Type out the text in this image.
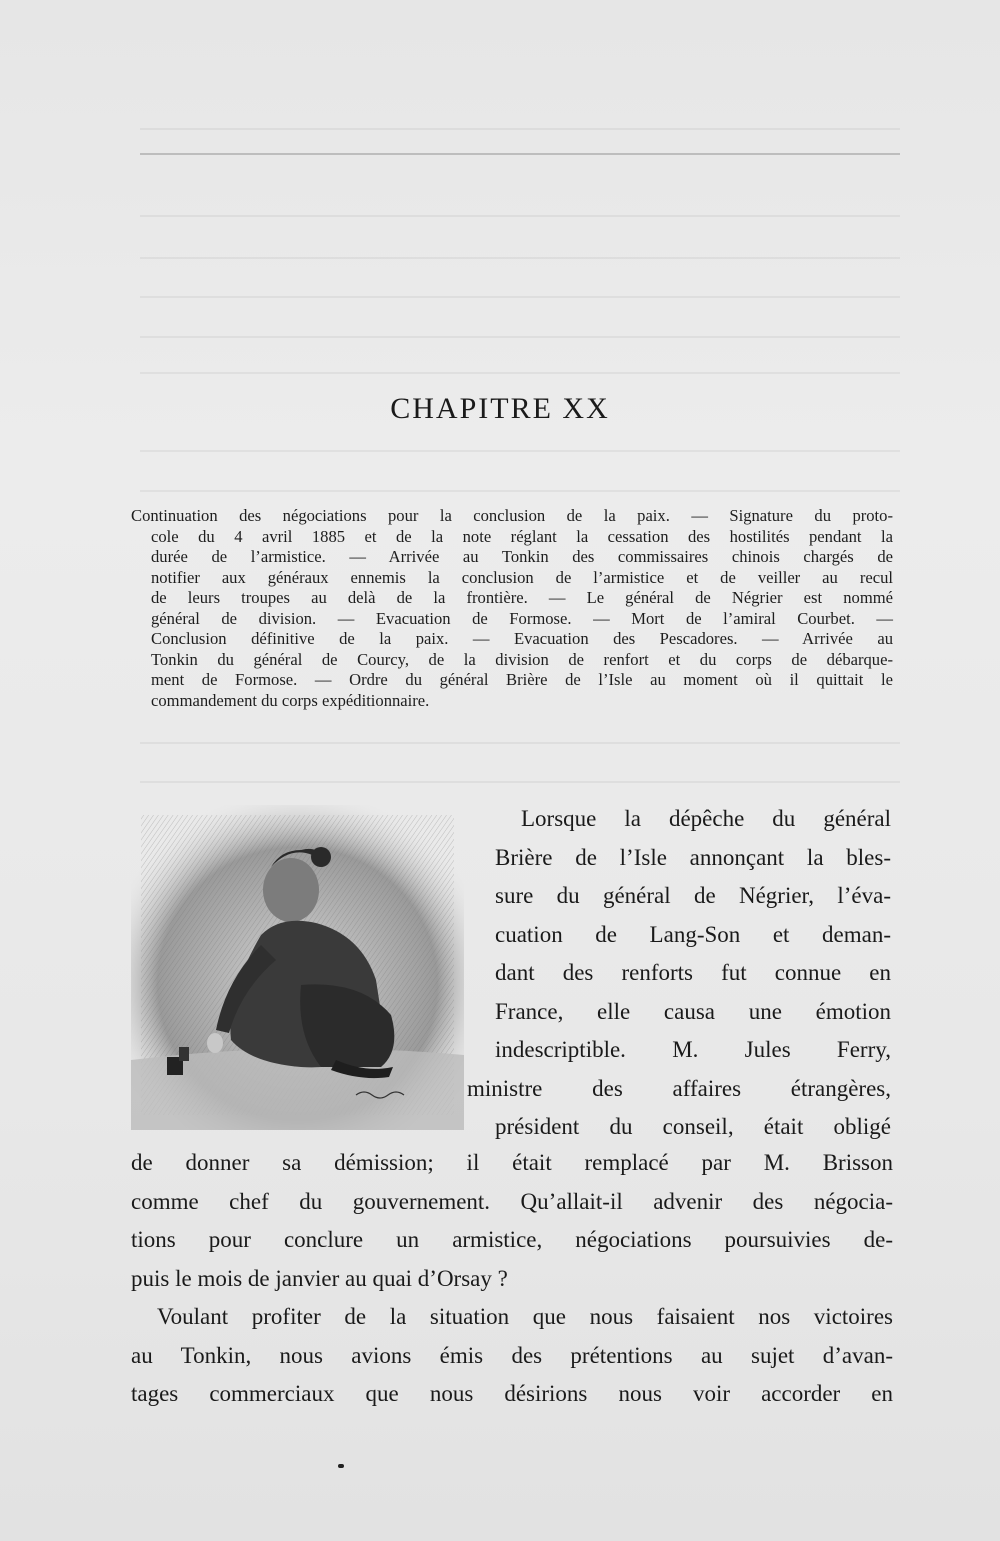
CHAPITRE XX
Continuation des négociations pour la conclusion de la paix. — Signature du proto-
cole du 4 avril 1885 et de la note réglant la cessation des hostilités pendant la
durée de l’armistice. — Arrivée au Tonkin des commissaires chinois chargés de
notifier aux généraux ennemis la conclusion de l’armistice et de veiller au recul
de leurs troupes au delà de la frontière. — Le général de Négrier est nommé
général de division. — Evacuation de Formose. — Mort de l’amiral Courbet. —
Conclusion définitive de la paix. — Evacuation des Pescadores. — Arrivée au
Tonkin du général de Courcy, de la division de renfort et du corps de débarque-
ment de Formose. — Ordre du général Brière de l’Isle au moment où il quittait le
commandement du corps expéditionnaire.
Lorsque la dépêche du général
Brière de l’Isle annonçant la bles-
sure du général de Négrier, l’éva-
cuation de Lang-Son et deman-
dant des renforts fut connue en
France, elle causa une émotion
indescriptible. M. Jules Ferry,
ministre des affaires étrangères,
président du conseil, était obligé
de donner sa démission; il était remplacé par M. Brisson
comme chef du gouvernement. Qu’allait-il advenir des négocia-
tions pour conclure un armistice, négociations poursuivies de-
puis le mois de janvier au quai d’Orsay ?
Voulant profiter de la situation que nous faisaient nos victoires
au Tonkin, nous avions émis des prétentions au sujet d’avan-
tages commerciaux que nous désirions nous voir accorder en
